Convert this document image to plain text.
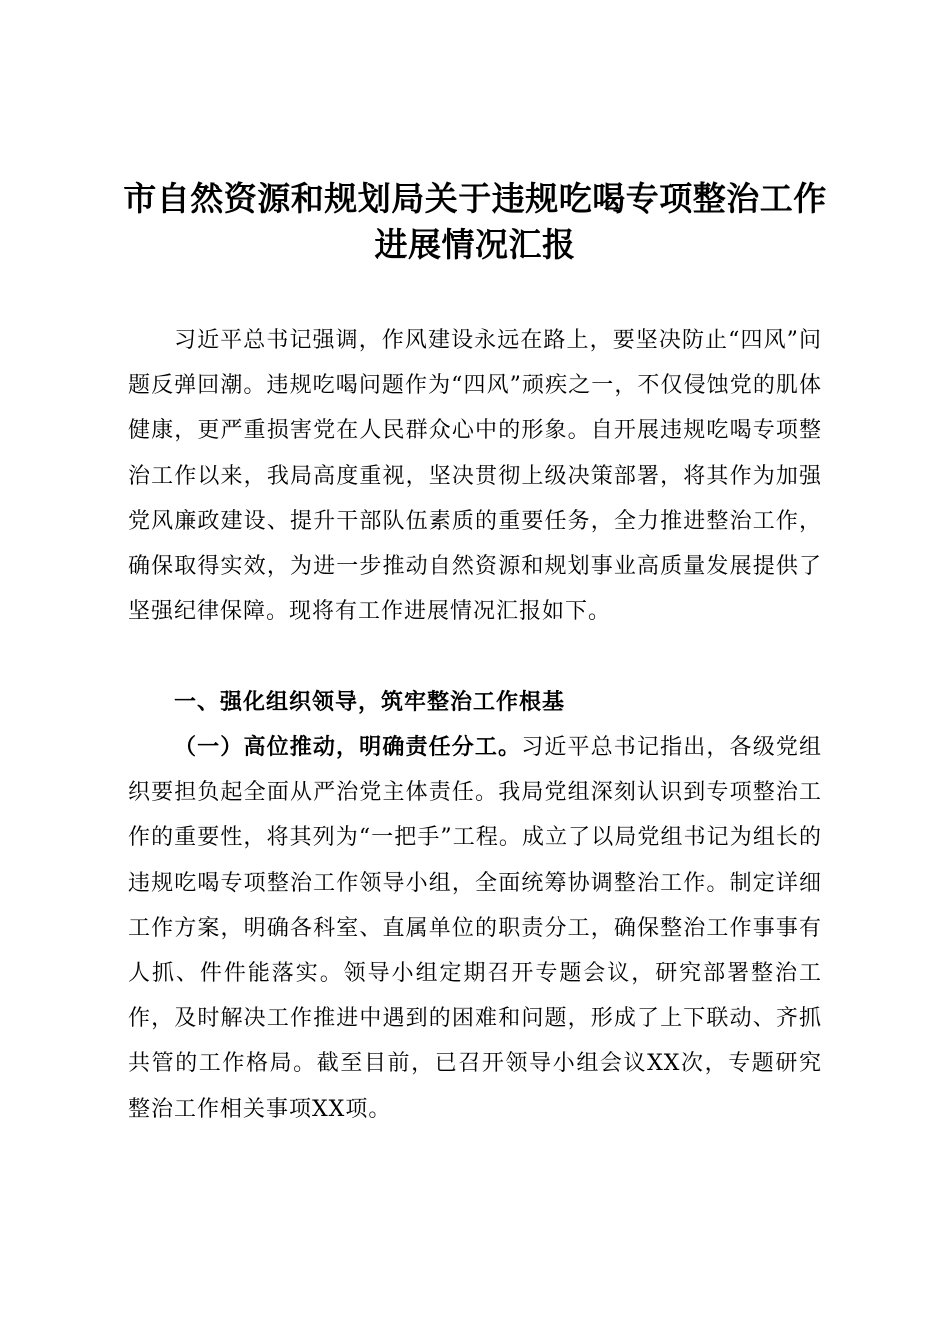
市自然资源和规划局关于违规吃喝专项整治工作进展情况汇报

习近平总书记强调，作风建设永远在路上，要坚决防止“四风”问题反弹回潮。违规吃喝问题作为“四风”顽疾之一，不仅侵蚀党的肌体健康，更严重损害党在人民群众心中的形象。自开展违规吃喝专项整治工作以来，我局高度重视，坚决贯彻上级决策部署，将其作为加强党风廉政建设、提升干部队伍素质的重要任务，全力推进整治工作，确保取得实效，为进一步推动自然资源和规划事业高质量发展提供了坚强纪律保障。现将有工作进展情况汇报如下。

一、强化组织领导，筑牢整治工作根基

（一）高位推动，明确责任分工。习近平总书记指出，各级党组织要担负起全面从严治党主体责任。我局党组深刻认识到专项整治工作的重要性，将其列为“一把手”工程。成立了以局党组书记为组长的违规吃喝专项整治工作领导小组，全面统筹协调整治工作。制定详细工作方案，明确各科室、直属单位的职责分工，确保整治工作事事有人抓、件件能落实。领导小组定期召开专题会议，研究部署整治工作，及时解决工作推进中遇到的困难和问题，形成了上下联动、齐抓共管的工作格局。截至目前，已召开领导小组会议XX次，专题研究整治工作相关事项XX项。
